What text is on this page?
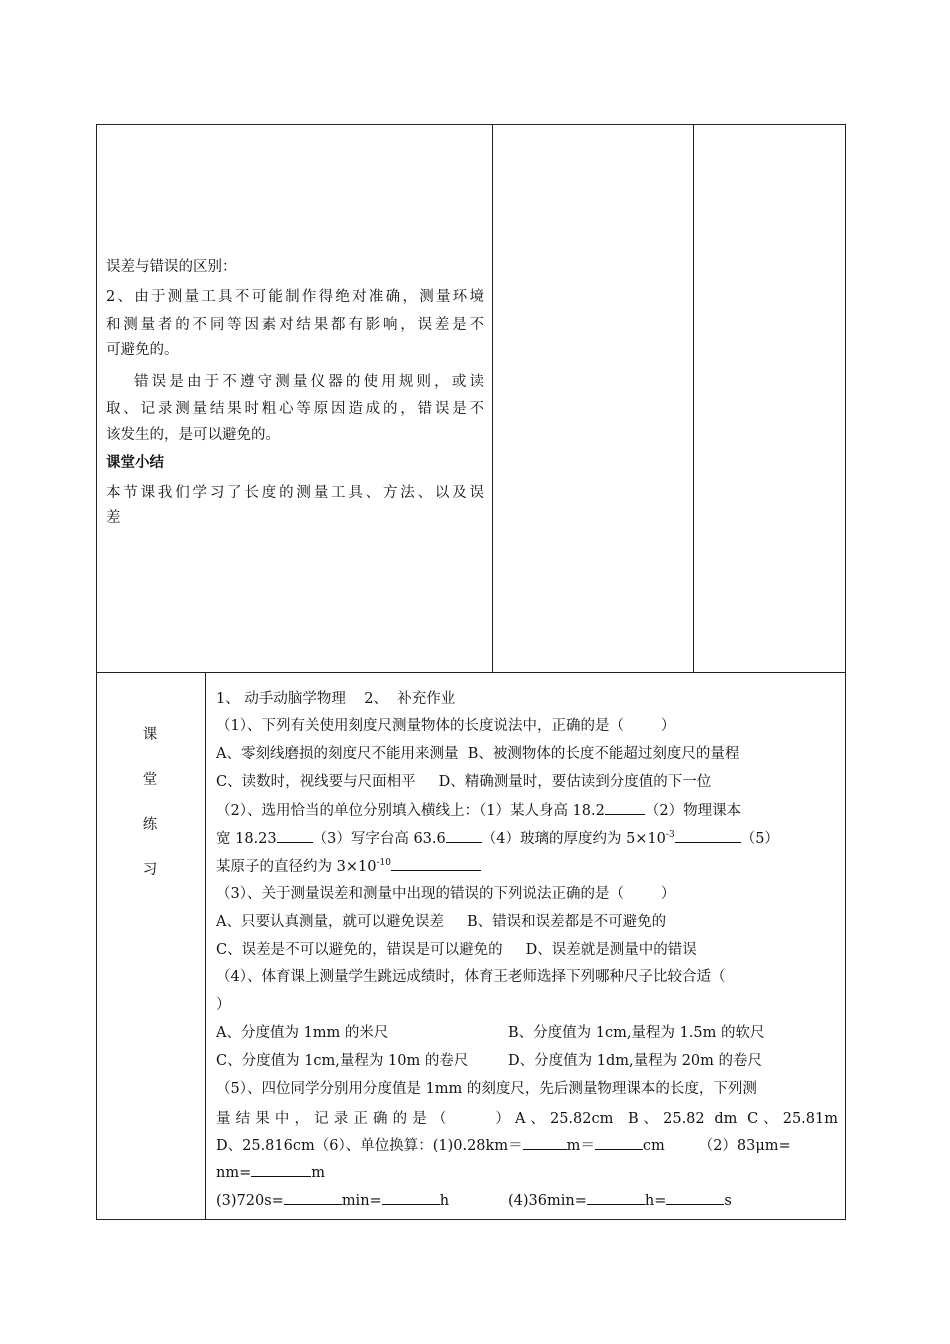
误差与错误的区别：
2、由于测量工具不可能制作得绝对准确，测量环境
和测量者的不同等因素对结果都有影响，误差是不
可避免的。
错误是由于不遵守测量仪器的使用规则，或读
取、记录测量结果时粗心等原因造成的，错误是不
该发生的，是可以避免的。
课堂小结
本节课我们学习了长度的测量工具、方法、以及误
差
课
堂
练
习
1、 动手动脑学物理    2、  补充作业
（1）、下列有关使用刻度尺测量物体的长度说法中，正确的是（        ）
A、零刻线磨损的刻度尺不能用来测量  B、被测物体的长度不能超过刻度尺的量程
C、读数时，视线要与尺面相平     D、精确测量时，要估读到分度值的下一位
（2）、选用恰当的单位分别填入横线上：（1）某人身高 18.2	（2）物理课本
宽 18.23 （3）写字台高 63.6 （4）玻璃的厚度约为 $5\times 10^{-3}$	（5）
某原子的直径约为 $3\times 10^{-10}$
（3）、关于测量误差和测量中出现的错误的下列说法正确的是（        ）
A、只要认真测量，就可以避免误差     B、错误和误差都是不可避免的
C、误差是不可以避免的，错误是可以避免的     D、误差就是测量中的错误
（4）、体育课上测量学生跳远成绩时，体育王老师选择下列哪种尺子比较合适（
）
A、分度值为 1mm 的米尺	B、分度值为 1cm,量程为 1.5m 的软尺
C、分度值为 1cm,量程为 10m 的卷尺	D、分度值为 1dm,量程为 20m 的卷尺
（5）、四位同学分别用分度值是 1mm 的刻度尺，先后测量物理课本的长度，下列测
量 结 果 中 ， 记 录 正 确 的 是 （          ） A 、 25.82cm   B 、 25.82  dm  C 、 25.81m
D、25.816cm（6）、单位换算：(1)0.28km＝	m＝	cm （2）83μm=
nm=	m
(3)720s=	min=	h	(4)36min=	h=	s
